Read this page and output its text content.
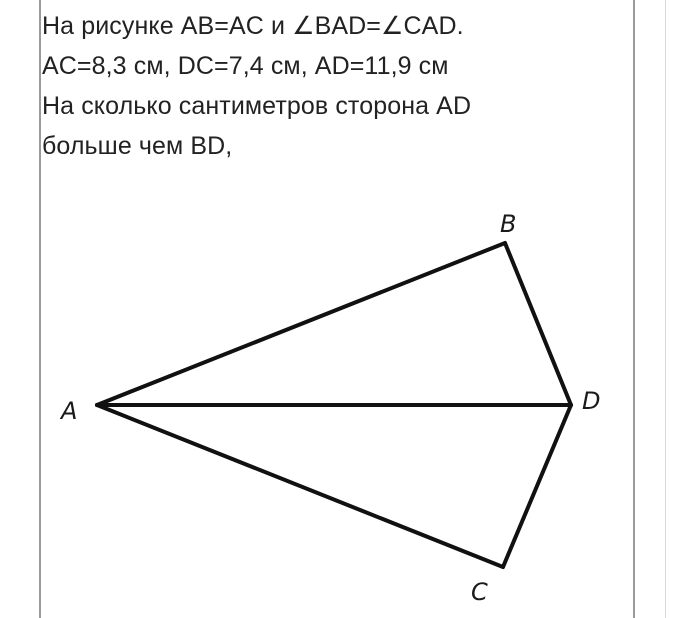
На рисунке AB=AC и ∠BAD=∠CAD.
AC=8,3 см, DC=7,4 см, AD=11,9 см
На сколько сантиметров сторона AD
больше чем BD,
A
B
C
D
